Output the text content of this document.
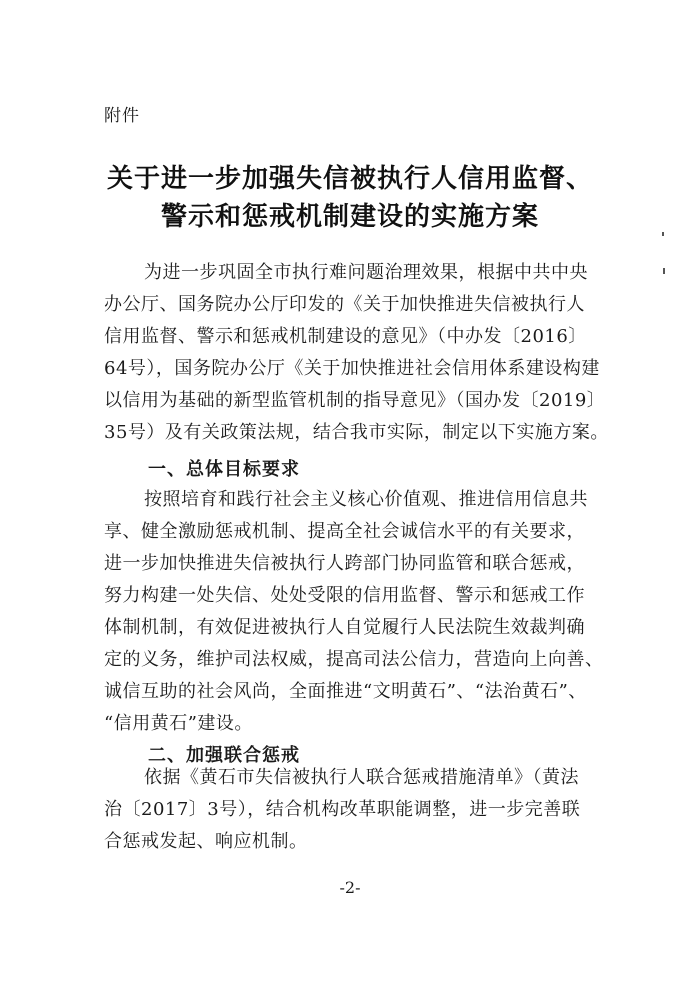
附件
关于进一步加强失信被执行人信用监督、
警示和惩戒机制建设的实施方案
为进一步巩固全市执行难问题治理效果，根据中共中央
办公厅、国务院办公厅印发的《关于加快推进失信被执行人
信用监督、警示和惩戒机制建设的意见》（中办发〔2016〕
64号），国务院办公厅《关于加快推进社会信用体系建设构建
以信用为基础的新型监管机制的指导意见》（国办发〔2019〕
35号）及有关政策法规，结合我市实际，制定以下实施方案。
一、总体目标要求
按照培育和践行社会主义核心价值观、推进信用信息共
享、健全激励惩戒机制、提高全社会诚信水平的有关要求，
进一步加快推进失信被执行人跨部门协同监管和联合惩戒，
努力构建一处失信、处处受限的信用监督、警示和惩戒工作
体制机制，有效促进被执行人自觉履行人民法院生效裁判确
定的义务，维护司法权威，提高司法公信力，营造向上向善、
诚信互助的社会风尚，全面推进“文明黄石”、“法治黄石”、
“信用黄石”建设。
二、加强联合惩戒
依据《黄石市失信被执行人联合惩戒措施清单》（黄法
治〔2017〕3号），结合机构改革职能调整，进一步完善联
合惩戒发起、响应机制。
-2-
